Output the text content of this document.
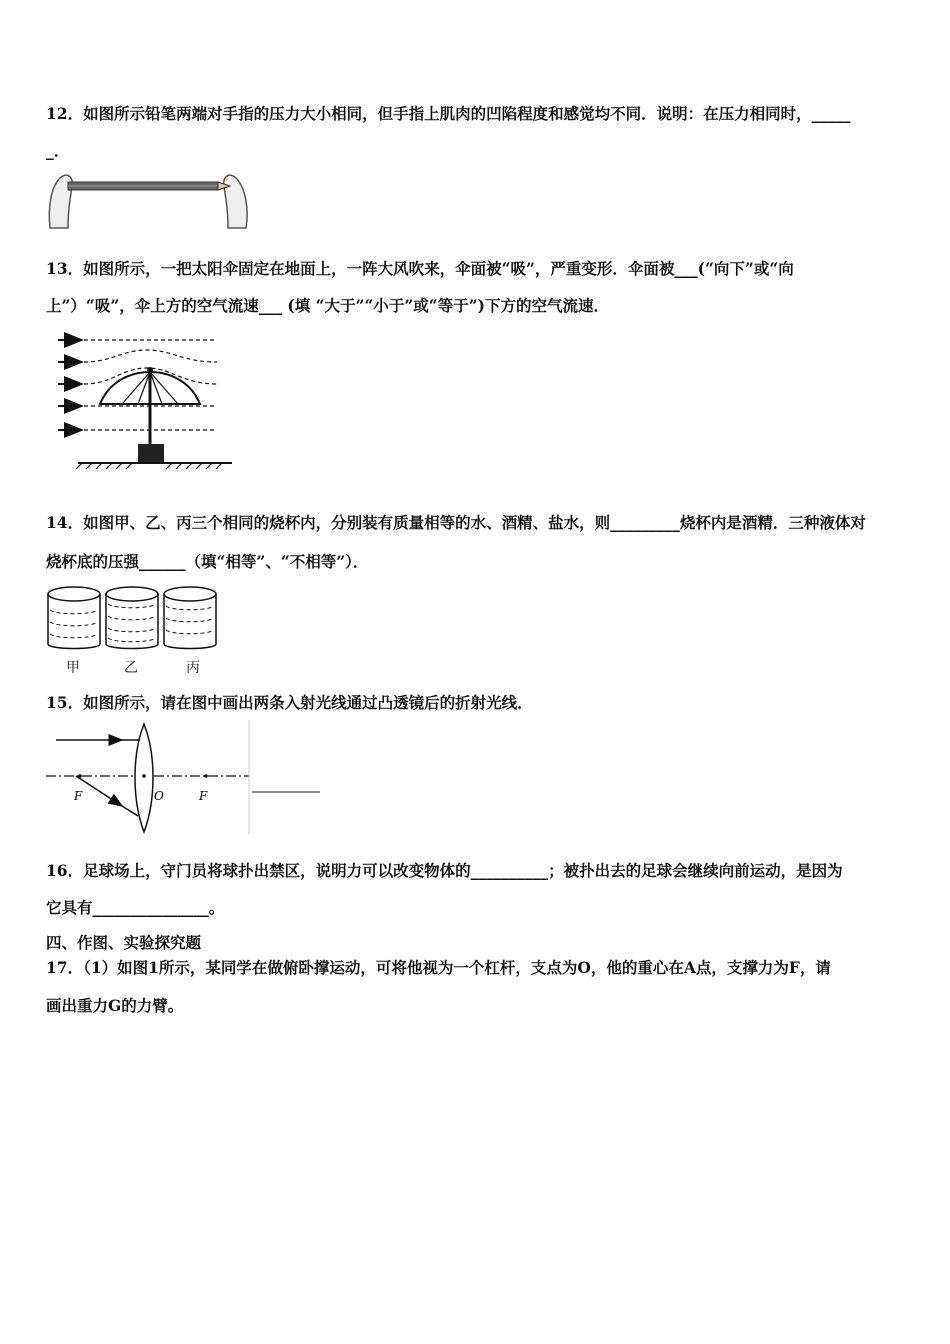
12．如图所示铅笔两端对手指的压力大小相同，但手指上肌肉的凹陷程度和感觉均不同．说明：在压力相同时，_____
_．
13．如图所示，一把太阳伞固定在地面上，一阵大风吹来，伞面被“吸”，严重变形．伞面被___(“向下”或“向
上”）“吸”，伞上方的空气流速___ (填 “大于”“小于”或“等于”)下方的空气流速．
14．如图甲、乙、丙三个相同的烧杯内，分别装有质量相等的水、酒精、盐水，则_________烧杯内是酒精．三种液体对
烧杯底的压强______（填“相等”、“不相等”）．
甲	乙	丙
15．如图所示，请在图中画出两条入射光线通过凸透镜后的折射光线．
F	O	F
16．足球场上，守门员将球扑出禁区，说明力可以改变物体的__________；被扑出去的足球会继续向前运动，是因为
它具有_______________。
四、作图、实验探究题
17．（1）如图1所示，某同学在做俯卧撑运动，可将他视为一个杠杆，支点为O，他的重心在A点，支撑力为F，请
画出重力G的力臂。
